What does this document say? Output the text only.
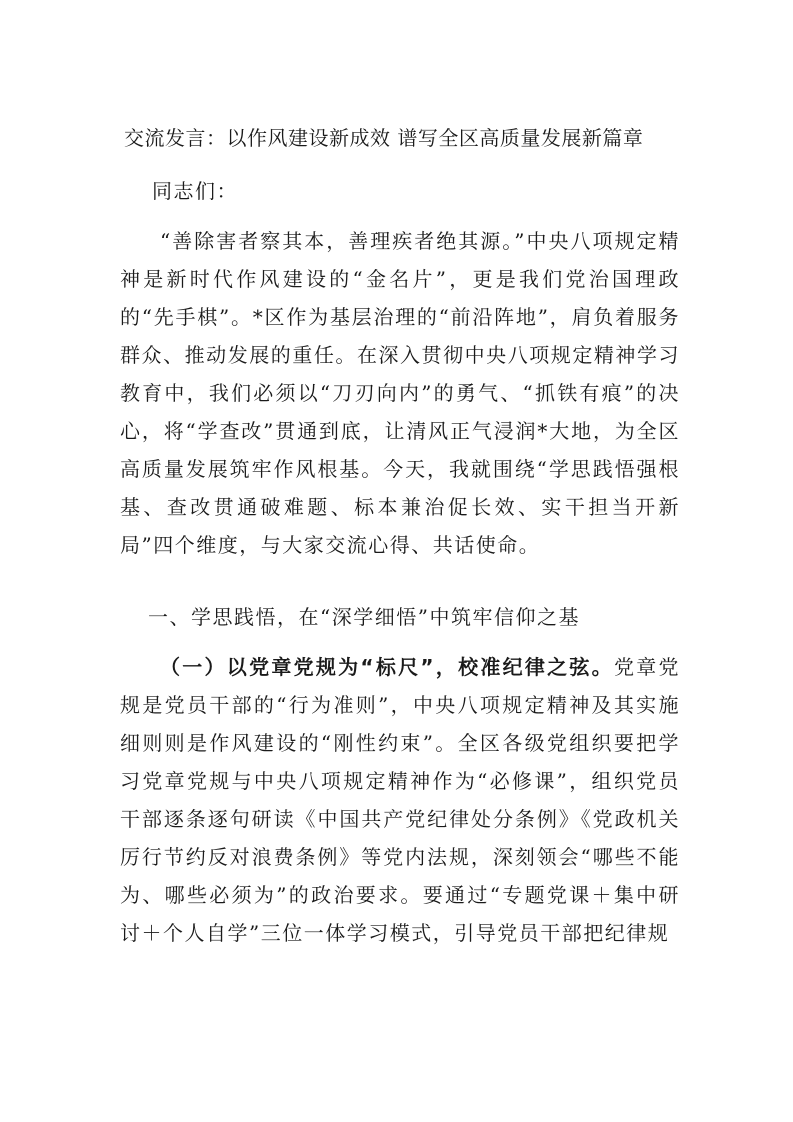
交流发言：以作风建设新成效 谱写全区高质量发展新篇章
同志们：
“善除害者察其本，善理疾者绝其源。”中央八项规定精神是新时代作风建设的“金名片”，更是我们党治国理政的“先手棋”。*区作为基层治理的“前沿阵地”，肩负着服务群众、推动发展的重任。在深入贯彻中央八项规定精神学习教育中，我们必须以“刀刃向内”的勇气、“抓铁有痕”的决心，将“学查改”贯通到底，让清风正气浸润*大地，为全区高质量发展筑牢作风根基。今天，我就围绕“学思践悟强根基、查改贯通破难题、标本兼治促长效、实干担当开新局”四个维度，与大家交流心得、共话使命。
一、学思践悟，在“深学细悟”中筑牢信仰之基
（一）以党章党规为“标尺”，校准纪律之弦。党章党规是党员干部的“行为准则”，中央八项规定精神及其实施细则则是作风建设的“刚性约束”。全区各级党组织要把学习党章党规与中央八项规定精神作为“必修课”，组织党员干部逐条逐句研读《中国共产党纪律处分条例》《党政机关厉行节约反对浪费条例》等党内法规，深刻领会“哪些不能为、哪些必须为”的政治要求。要通过“专题党课＋集中研讨＋个人自学”三位一体学习模式，引导党员干部把纪律规
